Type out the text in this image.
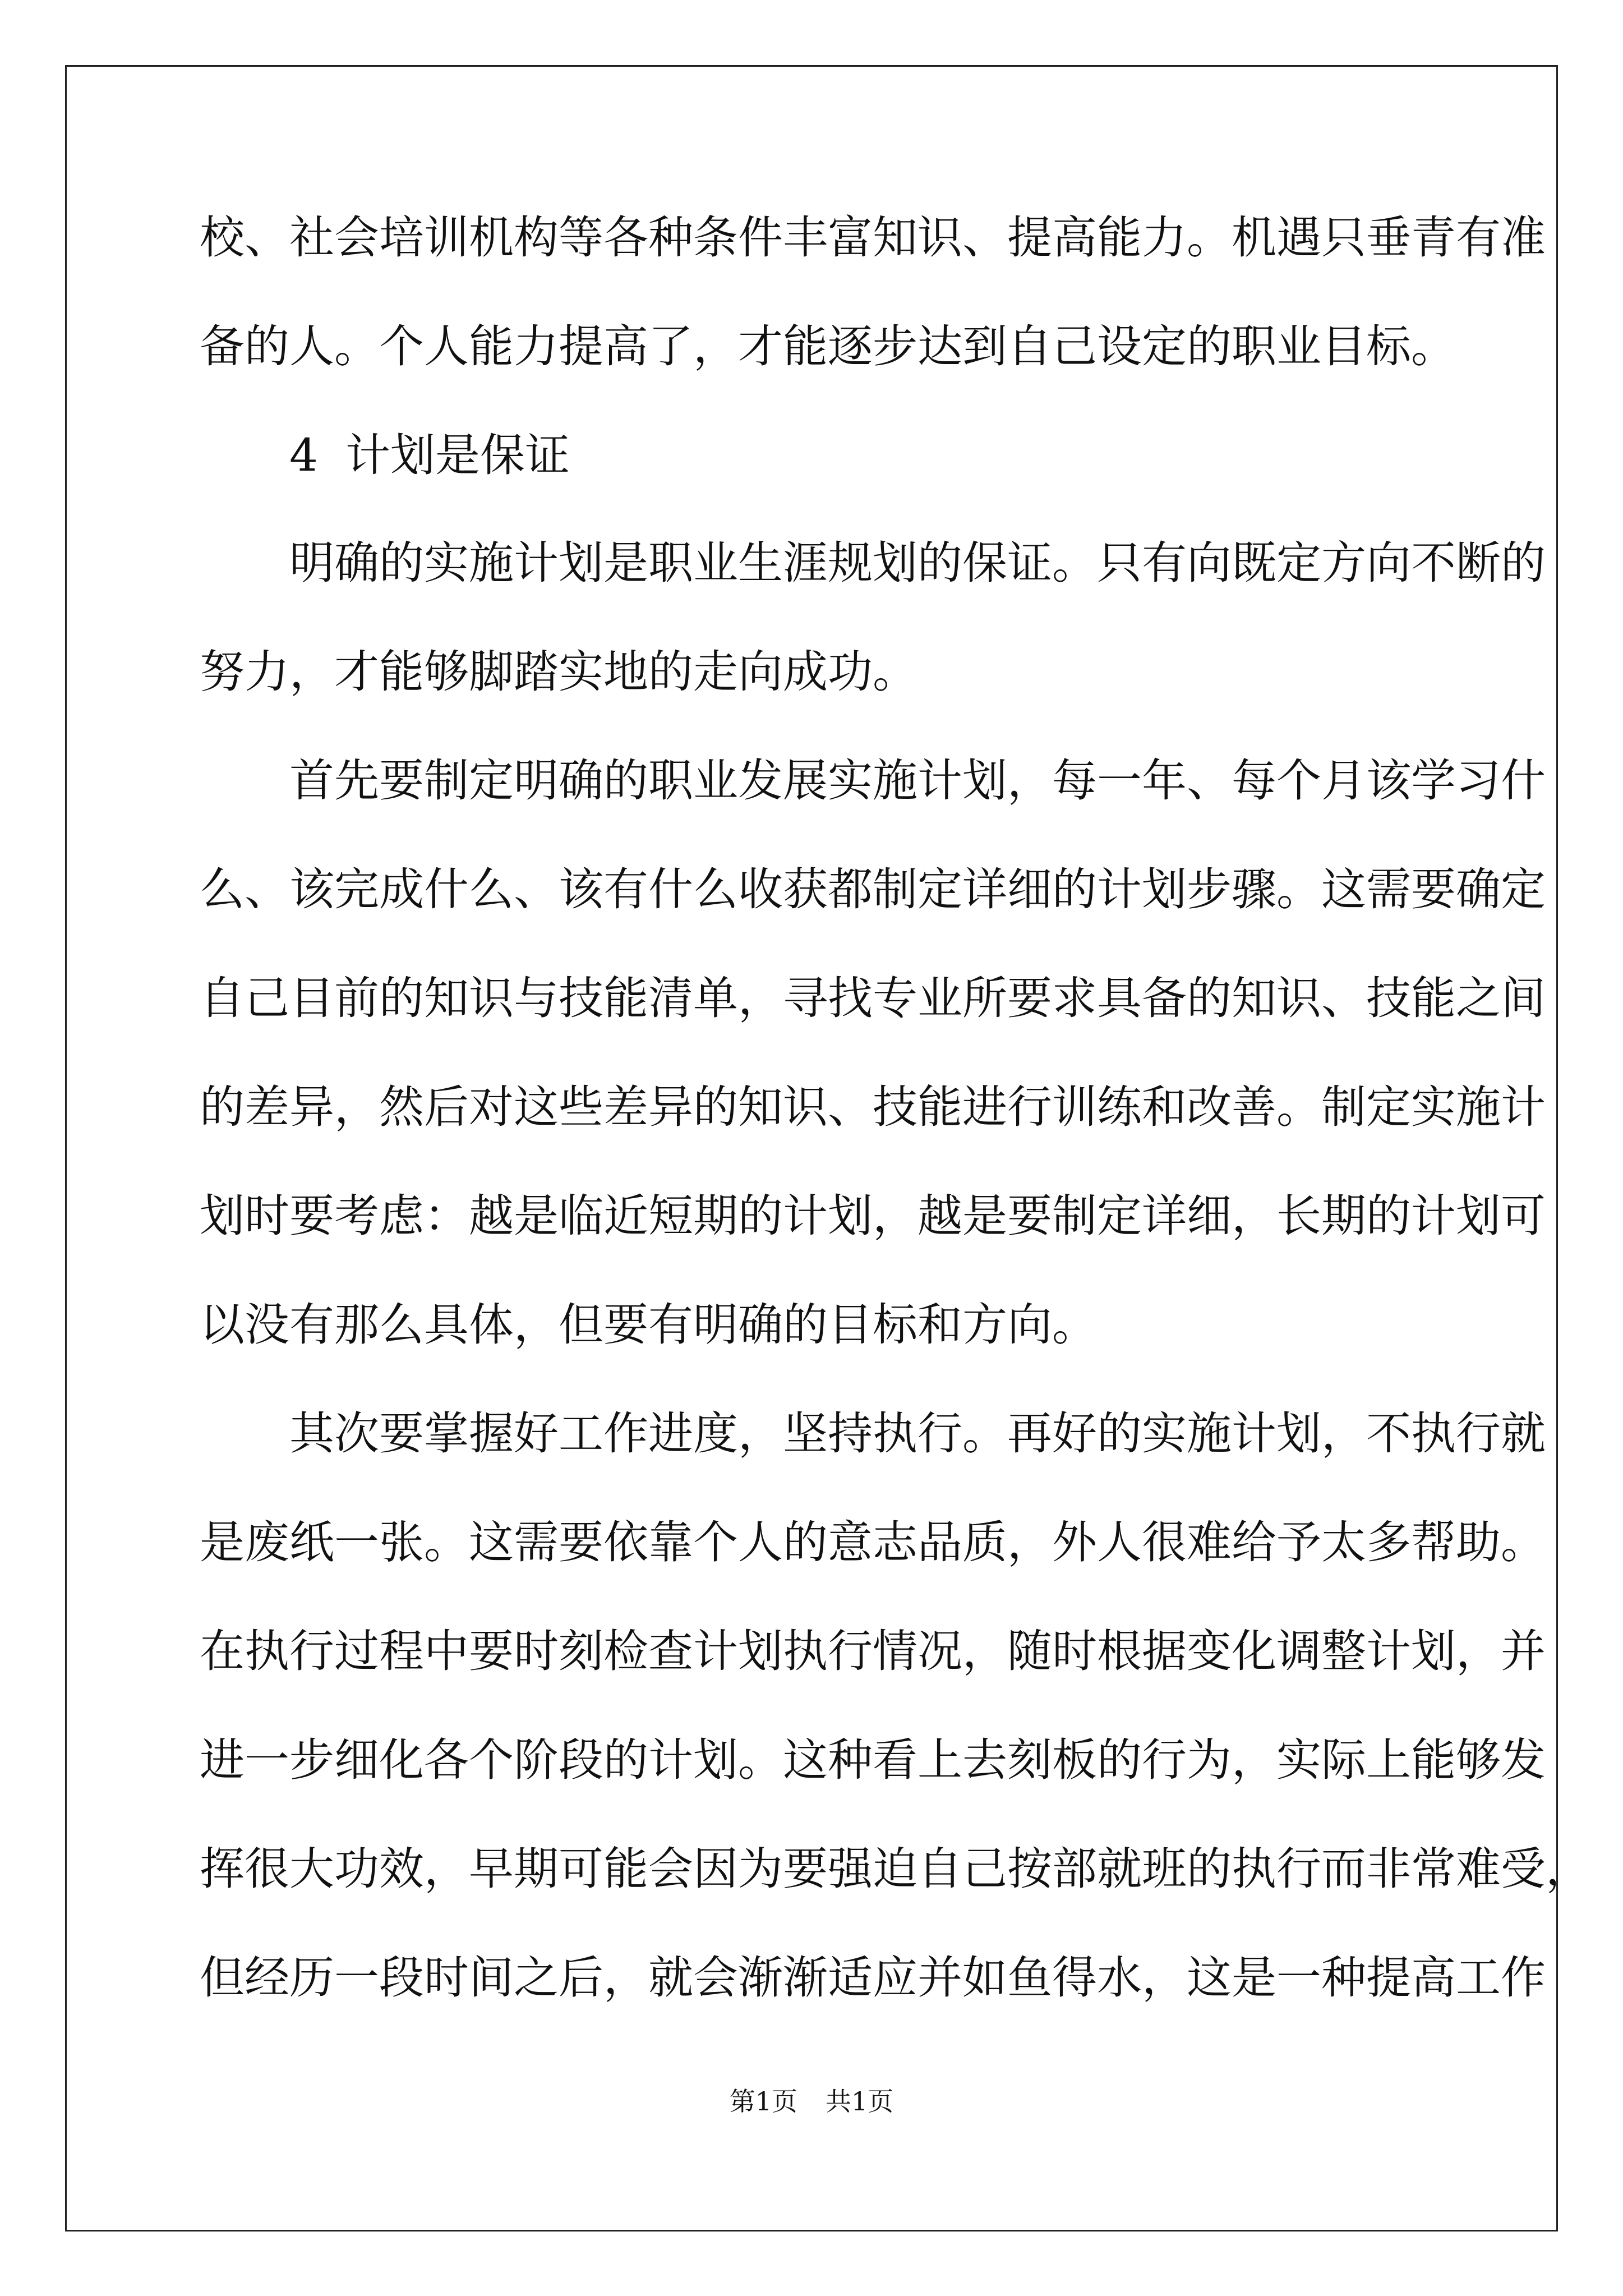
校、社会培训机构等各种条件丰富知识、提高能力。机遇只垂青有准
备的人。个人能力提高了，才能逐步达到自己设定的职业目标。
4 计划是保证
明确的实施计划是职业生涯规划的保证。只有向既定方向不断的
努力，才能够脚踏实地的走向成功。
首先要制定明确的职业发展实施计划，每一年、每个月该学习什
么、该完成什么、该有什么收获都制定详细的计划步骤。这需要确定
自己目前的知识与技能清单，寻找专业所要求具备的知识、技能之间
的差异，然后对这些差异的知识、技能进行训练和改善。制定实施计
划时要考虑：越是临近短期的计划，越是要制定详细，长期的计划可
以没有那么具体，但要有明确的目标和方向。
其次要掌握好工作进度，坚持执行。再好的实施计划，不执行就
是废纸一张。这需要依靠个人的意志品质，外人很难给予太多帮助。
在执行过程中要时刻检查计划执行情况，随时根据变化调整计划，并
进一步细化各个阶段的计划。这种看上去刻板的行为，实际上能够发
挥很大功效，早期可能会因为要强迫自己按部就班的执行而非常难受，
但经历一段时间之后，就会渐渐适应并如鱼得水，这是一种提高工作
第1页 共1页
